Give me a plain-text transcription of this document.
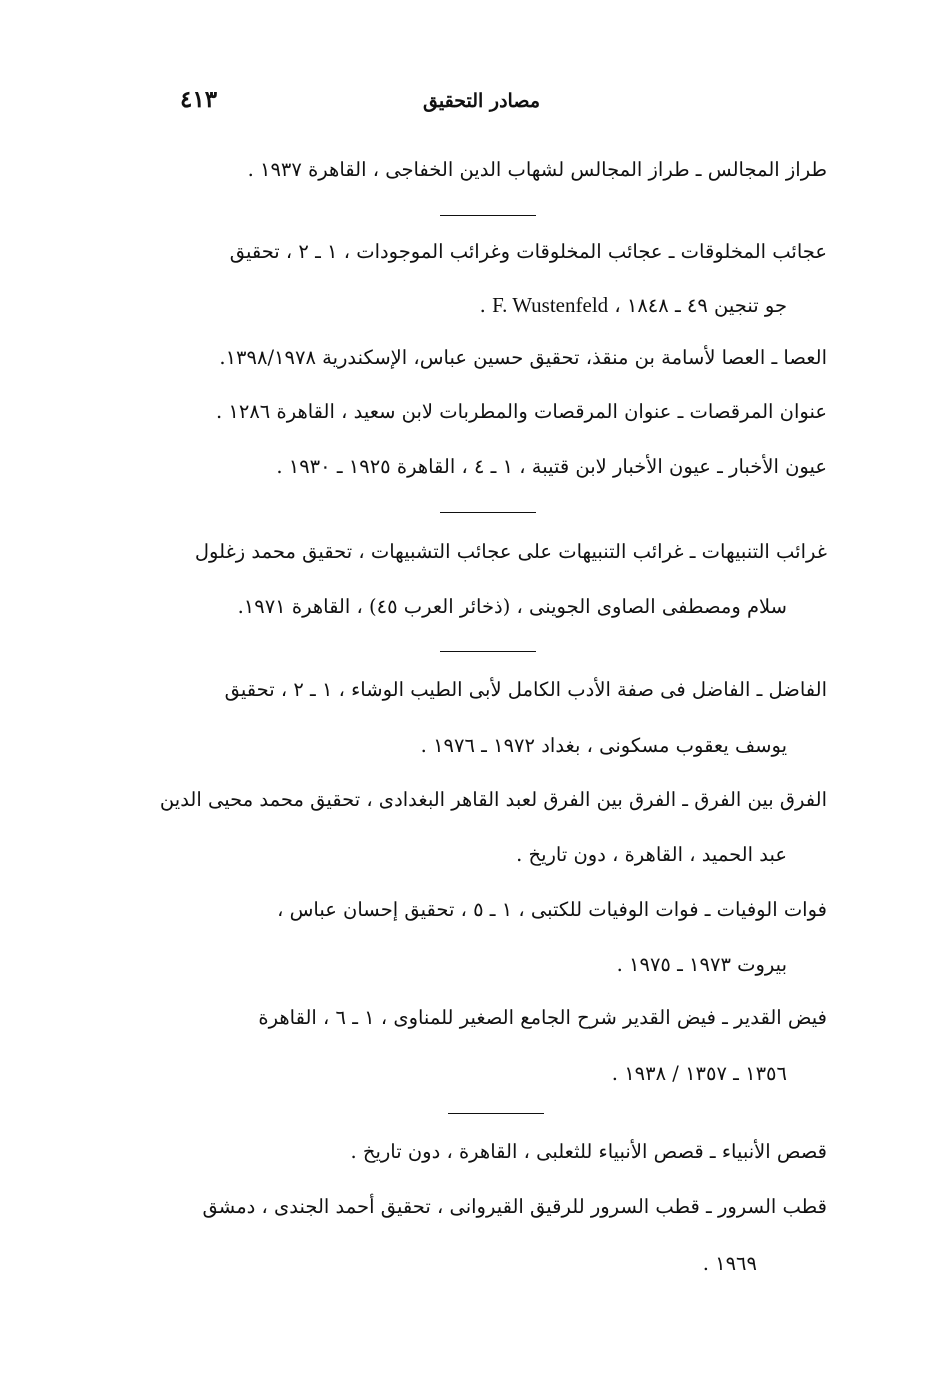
مصادر التحقيق
٤١٣
طراز المجالس ـ طراز المجالس لشهاب الدين الخفاجى ، القاهرة ١٩٣٧ .
عجائب المخلوقات ـ عجائب المخلوقات وغرائب الموجودات ، ١ ـ ٢ ، تحقيق
جو تنجين ٤٩ ـ ١٨٤٨ ، F. Wustenfeld .
العصا ـ العصا لأسامة بن منقذ، تحقيق حسين عباس، الإسكندرية ١٣٩٨/١٩٧٨.
عنوان المرقصات ـ عنوان المرقصات والمطربات لابن سعيد ، القاهرة ١٢٨٦ .
عيون الأخبار ـ عيون الأخبار لابن قتيبة ، ١ ـ ٤ ، القاهرة ١٩٢٥ ـ ١٩٣٠ .
غرائب التنبيهات ـ غرائب التنبيهات على عجائب التشبيهات ، تحقيق محمد زغلول
سلام ومصطفى الصاوى الجوينى ، (ذخائر العرب ٤٥) ، القاهرة ١٩٧١.
الفاضل ـ الفاضل فى صفة الأدب الكامل لأبى الطيب الوشاء ، ١ ـ ٢ ، تحقيق
يوسف يعقوب مسكونى ، بغداد ١٩٧٢ ـ ١٩٧٦ .
الفرق بين الفرق ـ الفرق بين الفرق لعبد القاهر البغدادى ، تحقيق محمد محيى الدين
عبد الحميد ، القاهرة ، دون تاريخ .
فوات الوفيات ـ فوات الوفيات للكتبى ، ١ ـ ٥ ، تحقيق إحسان عباس ،
بيروت ١٩٧٣ ـ ١٩٧٥ .
فيض القدير ـ فيض القدير شرح الجامع الصغير للمناوى ، ١ ـ ٦ ، القاهرة
١٣٥٦ ـ ١٣٥٧ / ١٩٣٨ .
قصص الأنبياء ـ قصص الأنبياء للثعلبى ، القاهرة ، دون تاريخ .
قطب السرور ـ قطب السرور للرقيق القيروانى ، تحقيق أحمد الجندى ، دمشق
١٩٦٩ .
